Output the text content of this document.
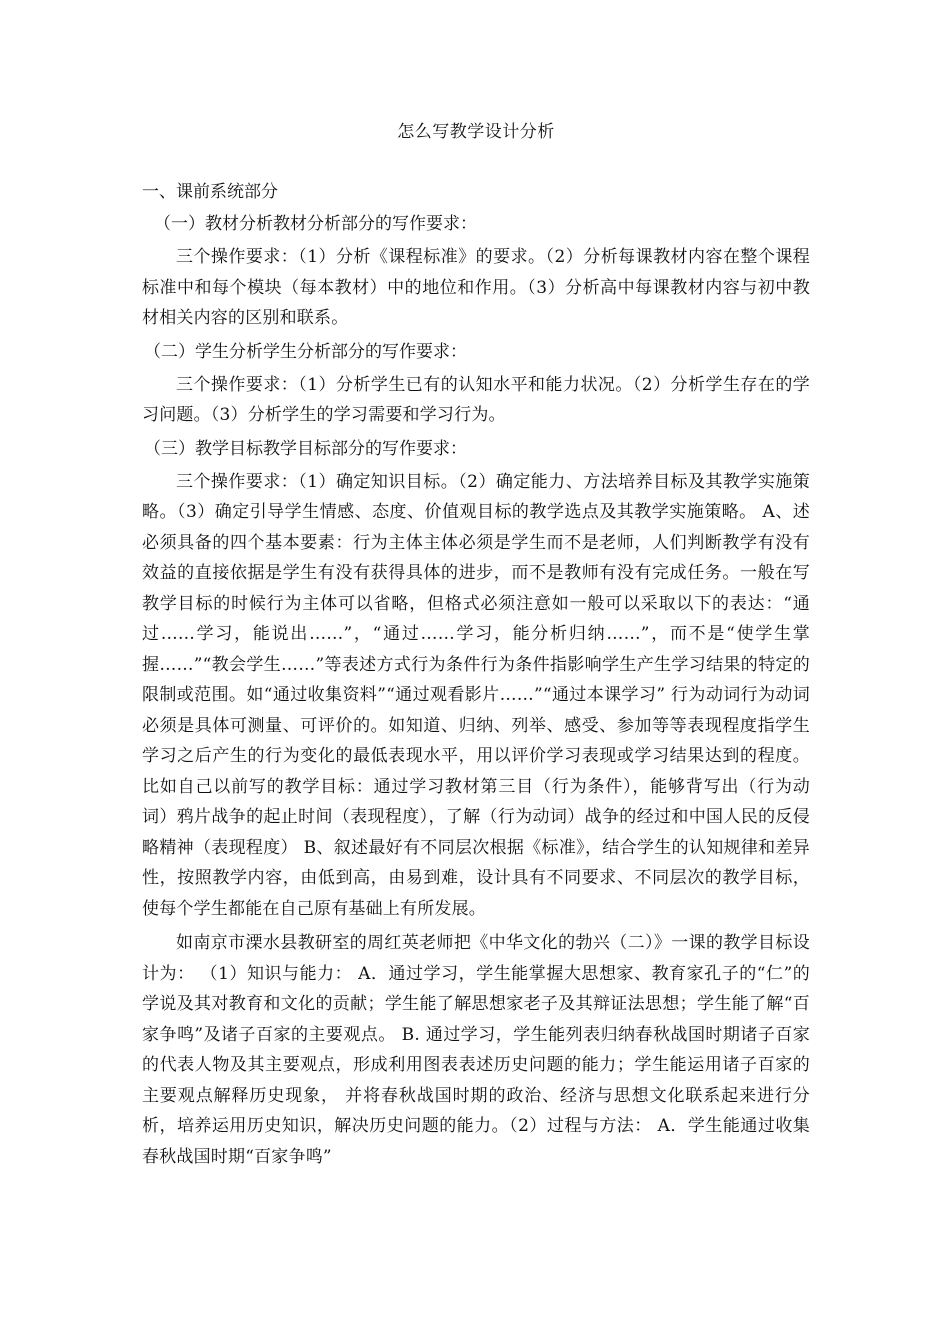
怎么写教学设计分析
一、课前系统部分
（一）教材分析教材分析部分的写作要求：
三个操作要求：（1）分析《课程标准》的要求。（2）分析每课教材内容在整个课程标准中和每个模块（每本教材）中的地位和作用。（3）分析高中每课教材内容与初中教材相关内容的区别和联系。
（二）学生分析学生分析部分的写作要求：
三个操作要求：（1）分析学生已有的认知水平和能力状况。（2）分析学生存在的学习问题。（3）分析学生的学习需要和学习行为。
（三）教学目标教学目标部分的写作要求：
三个操作要求：（1）确定知识目标。（2）确定能力、方法培养目标及其教学实施策略。（3）确定引导学生情感、态度、价值观目标的教学选点及其教学实施策略。 A、述必须具备的四个基本要素：行为主体主体必须是学生而不是老师，人们判断教学有没有效益的直接依据是学生有没有获得具体的进步，而不是教师有没有完成任务。一般在写教学目标的时候行为主体可以省略，但格式必须注意如一般可以采取以下的表达：“通过……学习，能说出……”，“通过……学习，能分析归纳……”，而不是“使学生掌握……”“教会学生……”等表述方式行为条件行为条件指影响学生产生学习结果的特定的限制或范围。如“通过收集资料”“通过观看影片……”“通过本课学习” 行为动词行为动词必须是具体可测量、可评价的。如知道、归纳、列举、感受、参加等等表现程度指学生学习之后产生的行为变化的最低表现水平，用以评价学习表现或学习结果达到的程度。比如自己以前写的教学目标：通过学习教材第三目（行为条件），能够背写出（行为动词）鸦片战争的起止时间（表现程度），了解（行为动词）战争的经过和中国人民的反侵略精神（表现程度） B、叙述最好有不同层次根据《标准》，结合学生的认知规律和差异性，按照教学内容，由低到高，由易到难，设计具有不同要求、不同层次的教学目标，使每个学生都能在自己原有基础上有所发展。
如南京市溧水县教研室的周红英老师把《中华文化的勃兴（二）》一课的教学目标设计为： （1）知识与能力： A．通过学习，学生能掌握大思想家、教育家孔子的“仁”的学说及其对教育和文化的贡献；学生能了解思想家老子及其辩证法思想；学生能了解“百家争鸣”及诸子百家的主要观点。 B. 通过学习，学生能列表归纳春秋战国时期诸子百家的代表人物及其主要观点，形成利用图表表述历史问题的能力；学生能运用诸子百家的主要观点解释历史现象， 并将春秋战国时期的政治、经济与思想文化联系起来进行分析，培养运用历史知识，解决历史问题的能力。（2）过程与方法： A．学生能通过收集春秋战国时期“百家争鸣”
